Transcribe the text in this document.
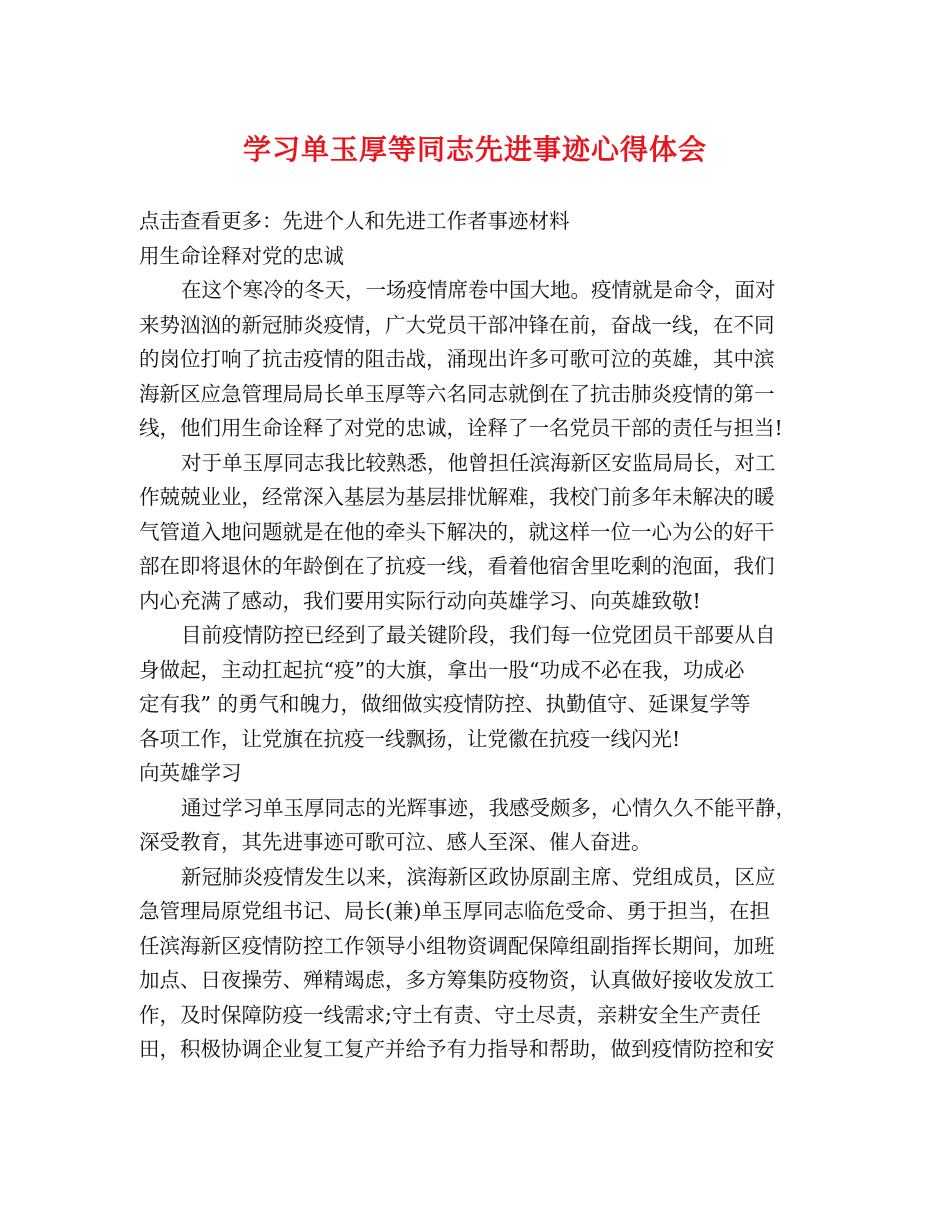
学习单玉厚等同志先进事迹心得体会
点击查看更多：先进个人和先进工作者事迹材料
用生命诠释对党的忠诚
在这个寒冷的冬天，一场疫情席卷中国大地。疫情就是命令，面对
来势汹汹的新冠肺炎疫情，广大党员干部冲锋在前，奋战一线，在不同
的岗位打响了抗击疫情的阻击战，涌现出许多可歌可泣的英雄，其中滨
海新区应急管理局局长单玉厚等六名同志就倒在了抗击肺炎疫情的第一
线，他们用生命诠释了对党的忠诚，诠释了一名党员干部的责任与担当!
对于单玉厚同志我比较熟悉，他曾担任滨海新区安监局局长，对工
作兢兢业业，经常深入基层为基层排忧解难，我校门前多年未解决的暖
气管道入地问题就是在他的牵头下解决的，就这样一位一心为公的好干
部在即将退休的年龄倒在了抗疫一线，看着他宿舍里吃剩的泡面，我们
内心充满了感动，我们要用实际行动向英雄学习、向英雄致敬!
目前疫情防控已经到了最关键阶段，我们每一位党团员干部要从自
身做起，主动扛起抗“疫”的大旗，拿出一股“功成不必在我，功成必
定有我” 的勇气和魄力，做细做实疫情防控、执勤值守、延课复学等
各项工作，让党旗在抗疫一线飘扬，让党徽在抗疫一线闪光!
向英雄学习
通过学习单玉厚同志的光辉事迹，我感受颇多，心情久久不能平静，
深受教育，其先进事迹可歌可泣、感人至深、催人奋进。
新冠肺炎疫情发生以来，滨海新区政协原副主席、党组成员，区应
急管理局原党组书记、局长(兼)单玉厚同志临危受命、勇于担当，在担
任滨海新区疫情防控工作领导小组物资调配保障组副指挥长期间，加班
加点、日夜操劳、殚精竭虑，多方筹集防疫物资，认真做好接收发放工
作，及时保障防疫一线需求;守土有责、守土尽责，亲耕安全生产责任
田，积极协调企业复工复产并给予有力指导和帮助，做到疫情防控和安
